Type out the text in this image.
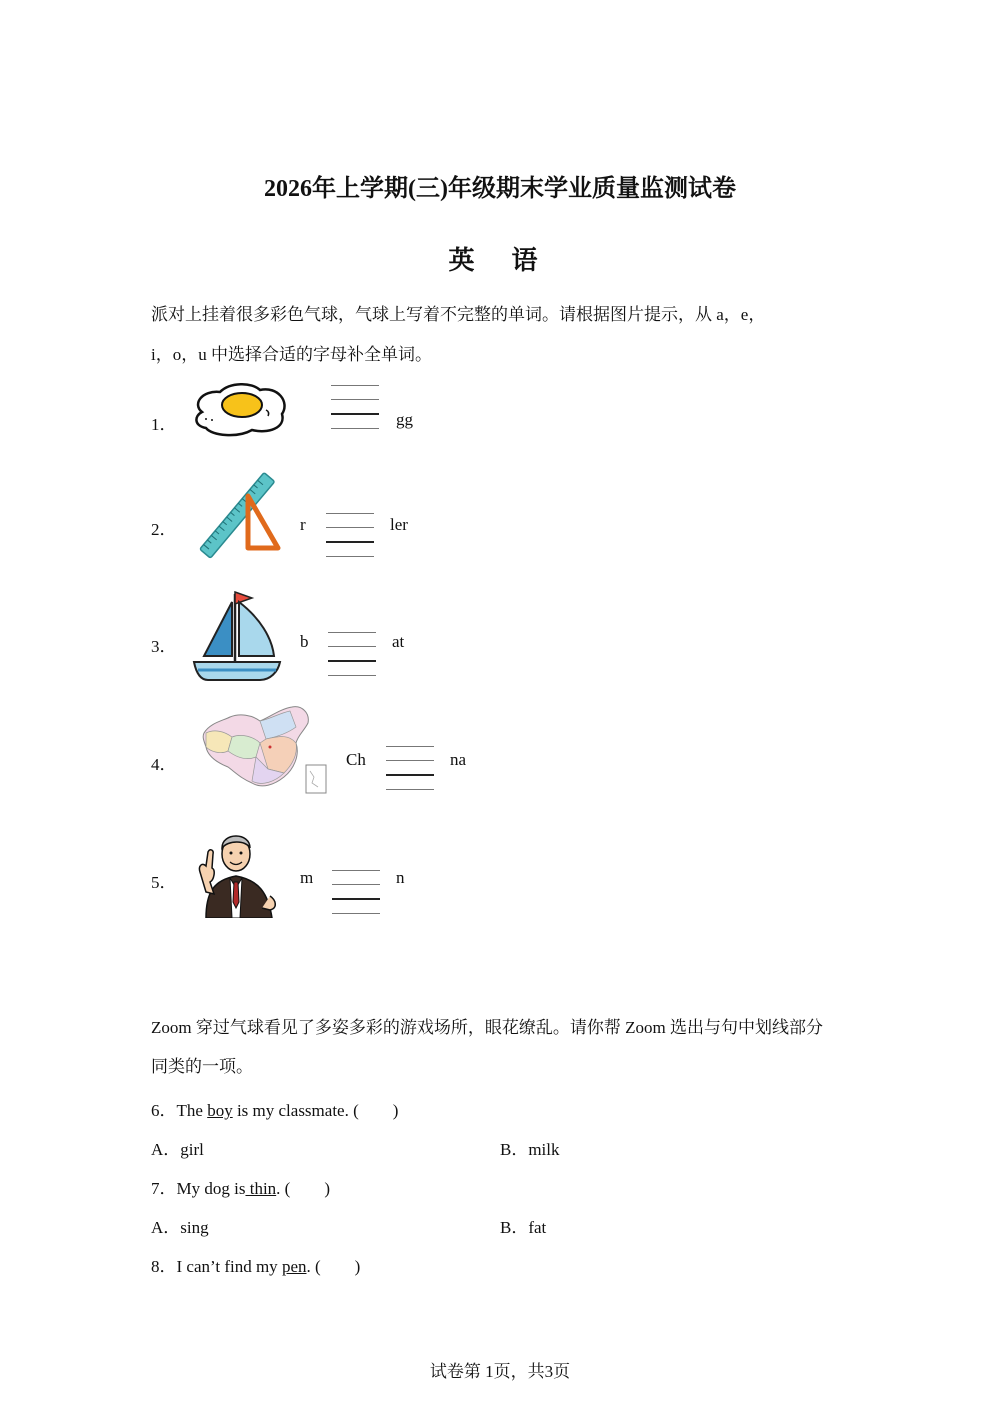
2026年上学期(三)年级期末学业质量监测试卷
英 语
派对上挂着很多彩色气球，气球上写着不完整的单词。请根据图片提示，从 a，e，
i，o，u 中选择合适的字母补全单词。
1．	gg
2．	r	ler
3．	b	at
4．	Ch	na
5．	m	n
Zoom 穿过气球看见了多姿多彩的游戏场所，眼花缭乱。请你帮 Zoom 选出与句中划线部分
同类的一项。
6．The boy is my classmate. (　　)
A．girl	B．milk
7．My dog is thin. (　　)
A．sing	B．fat
8．I can’t find my pen. (　　)
试卷第 1页，共3页
